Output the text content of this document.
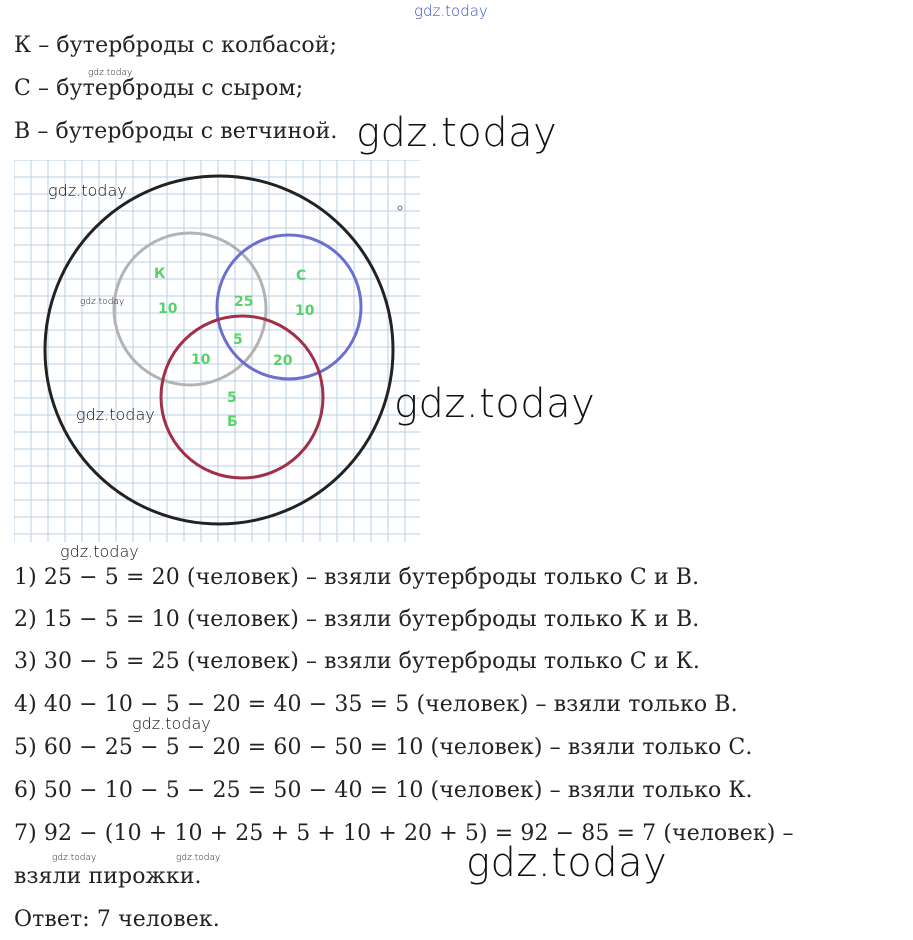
gdz.today
К – бутерброды с колбасой;
С – бутерброды с сыром;
В – бутерброды с ветчиной.
К
10	25
С
10
5
10	20
5
Б
1) 25 − 5 = 20 (человек) – взяли бутерброды только С и В.
2) 15 − 5 = 10 (человек) – взяли бутерброды только К и В.
3) 30 − 5 = 25 (человек) – взяли бутерброды только С и К.
4) 40 − 10 − 5 − 20 = 40 − 35 = 5 (человек) – взяли только В.
5) 60 − 25 − 5 − 20 = 60 − 50 = 10 (человек) – взяли только С.
6) 50 − 10 − 5 − 25 = 50 − 40 = 10 (человек) – взяли только К.
7) 92 − (10 + 10 + 25 + 5 + 10 + 20 + 5) = 92 − 85 = 7 (человек) –
взяли пирожки.
Ответ: 7 человек.
gdz.today
gdz.today
gdz.today
gdz.today
gdz.today
gdz.today
gdz.today
gdz.today
gdz.today	gdz.today	gdz.today
